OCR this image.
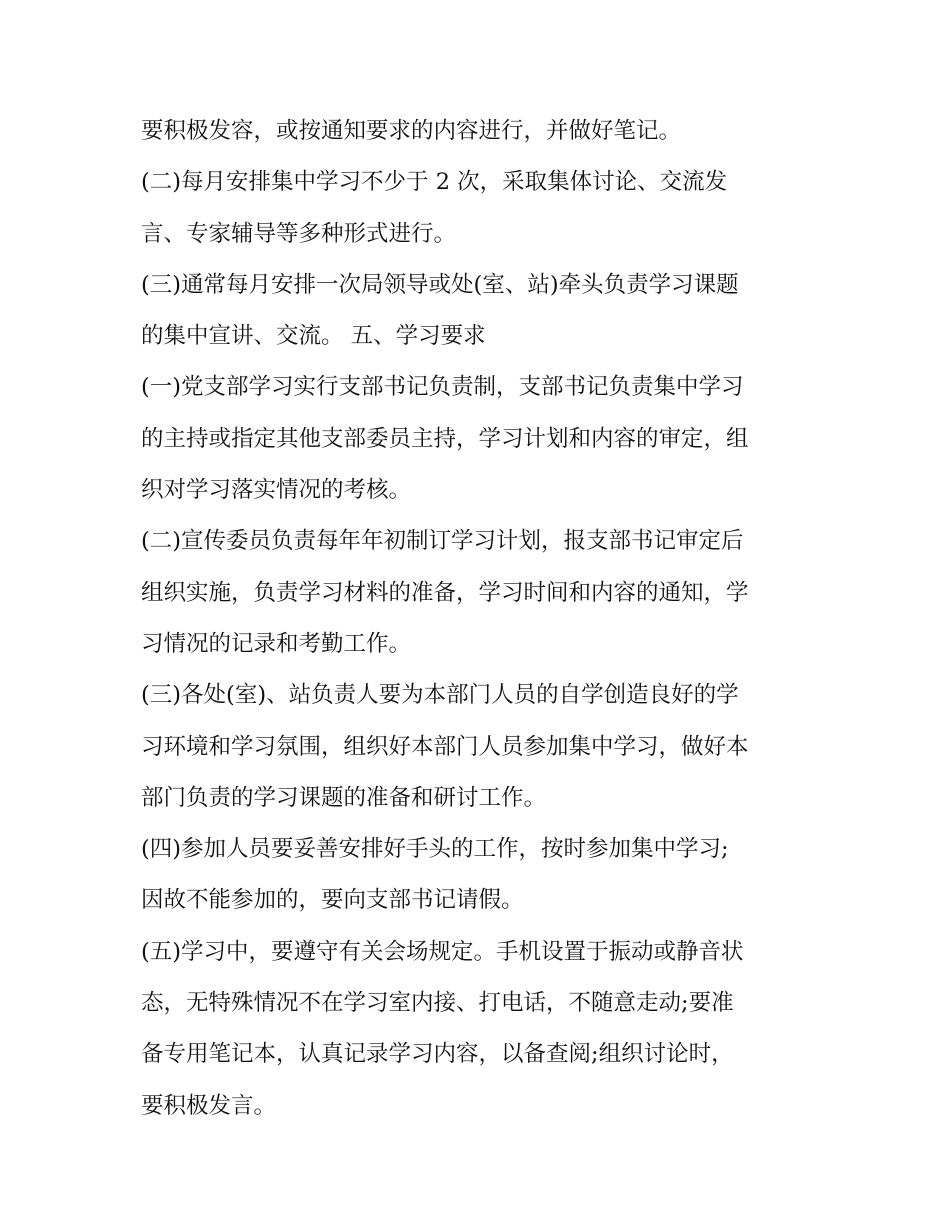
要积极发容，或按通知要求的内容进行，并做好笔记。
(二)每月安排集中学习不少于 2 次，采取集体讨论、交流发
言、专家辅导等多种形式进行。
(三)通常每月安排一次局领导或处(室、站)牵头负责学习课题
的集中宣讲、交流。 五、学习要求
(一)党支部学习实行支部书记负责制，支部书记负责集中学习
的主持或指定其他支部委员主持，学习计划和内容的审定，组
织对学习落实情况的考核。
(二)宣传委员负责每年年初制订学习计划，报支部书记审定后
组织实施，负责学习材料的准备，学习时间和内容的通知，学
习情况的记录和考勤工作。
(三)各处(室)、站负责人要为本部门人员的自学创造良好的学
习环境和学习氛围，组织好本部门人员参加集中学习，做好本
部门负责的学习课题的准备和研讨工作。
(四)参加人员要妥善安排好手头的工作，按时参加集中学习;
因故不能参加的，要向支部书记请假。
(五)学习中，要遵守有关会场规定。手机设置于振动或静音状
态，无特殊情况不在学习室内接、打电话，不随意走动;要准
备专用笔记本，认真记录学习内容，以备查阅;组织讨论时，
要积极发言。
